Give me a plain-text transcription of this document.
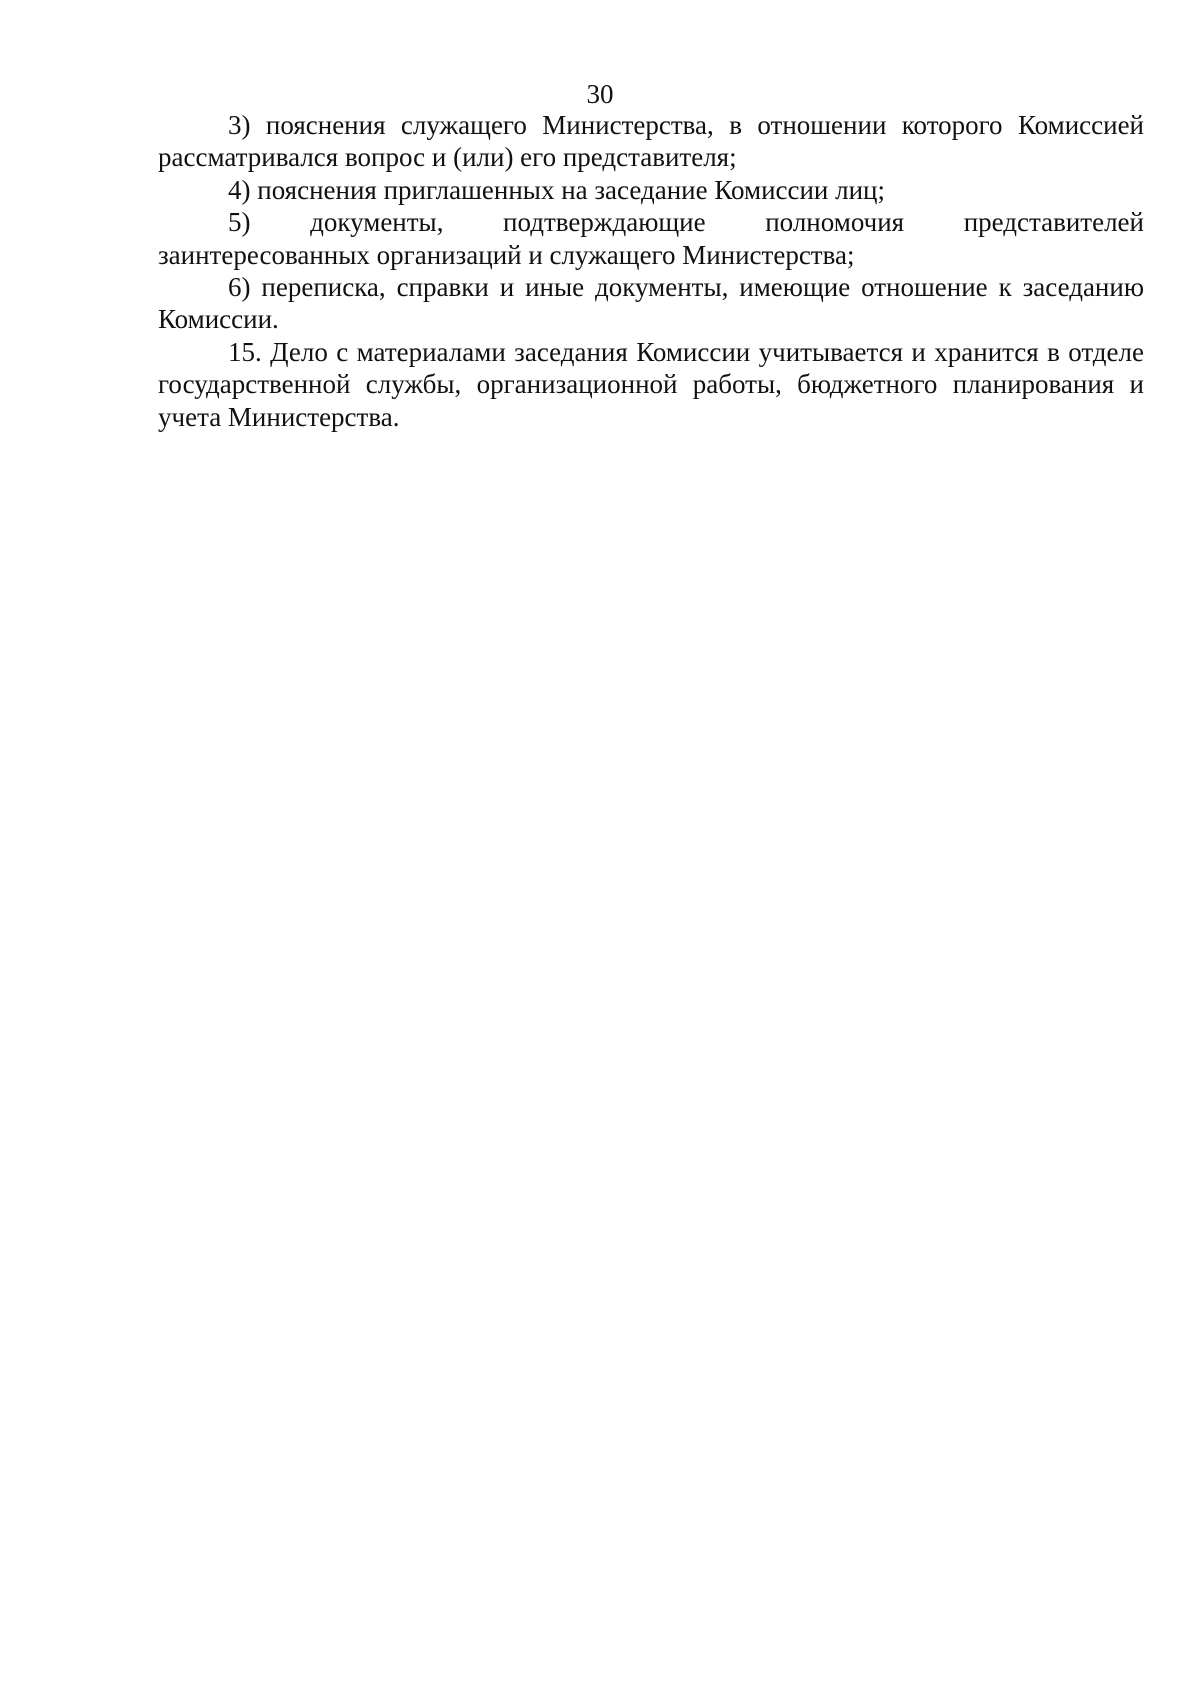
30

3) пояснения служащего Министерства, в отношении которого Комиссией рассматривался вопрос и (или) его представителя;

4) пояснения приглашенных на заседание Комиссии лиц;

5) документы, подтверждающие полномочия представителей

заинтересованных организаций и служащего Министерства;

6) переписка, справки и иные документы, имеющие отношение к заседанию Комиссии.

15. Дело с материалами заседания Комиссии учитывается и хранится в отделе государственной службы, организационной работы, бюджетного планирования и учета Министерства.
